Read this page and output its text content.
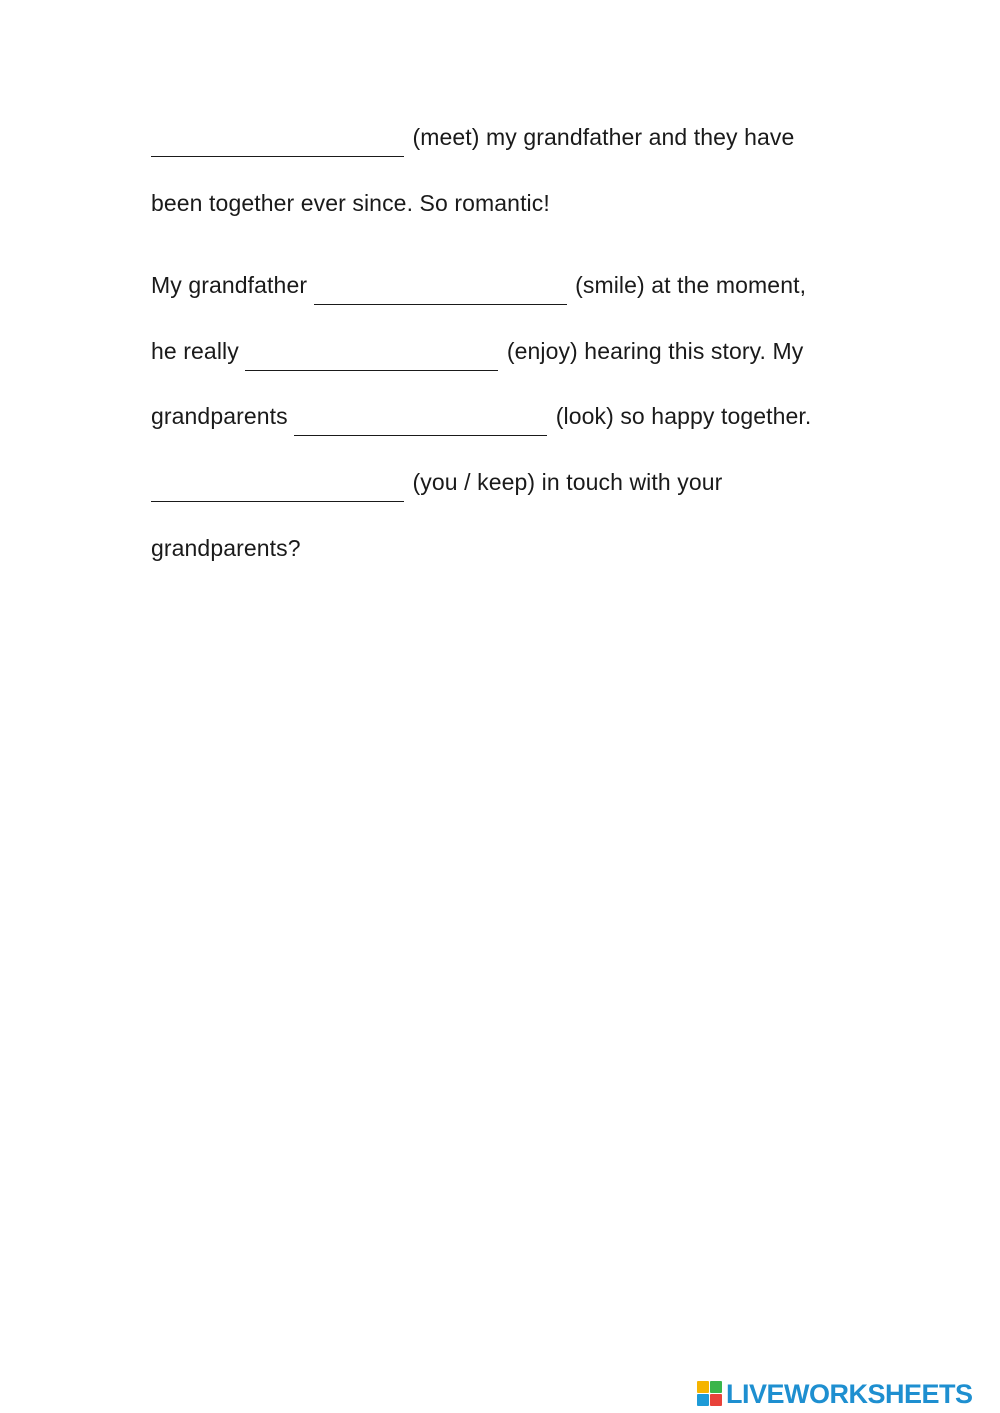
(meet) my grandfather and they have
been together ever since. So romantic!
My grandfather	(smile) at the moment,
he really	(enjoy) hearing this story. My
grandparents	(look) so happy together.
(you / keep) in touch with your
grandparents?
LIVEWORKSHEETS
